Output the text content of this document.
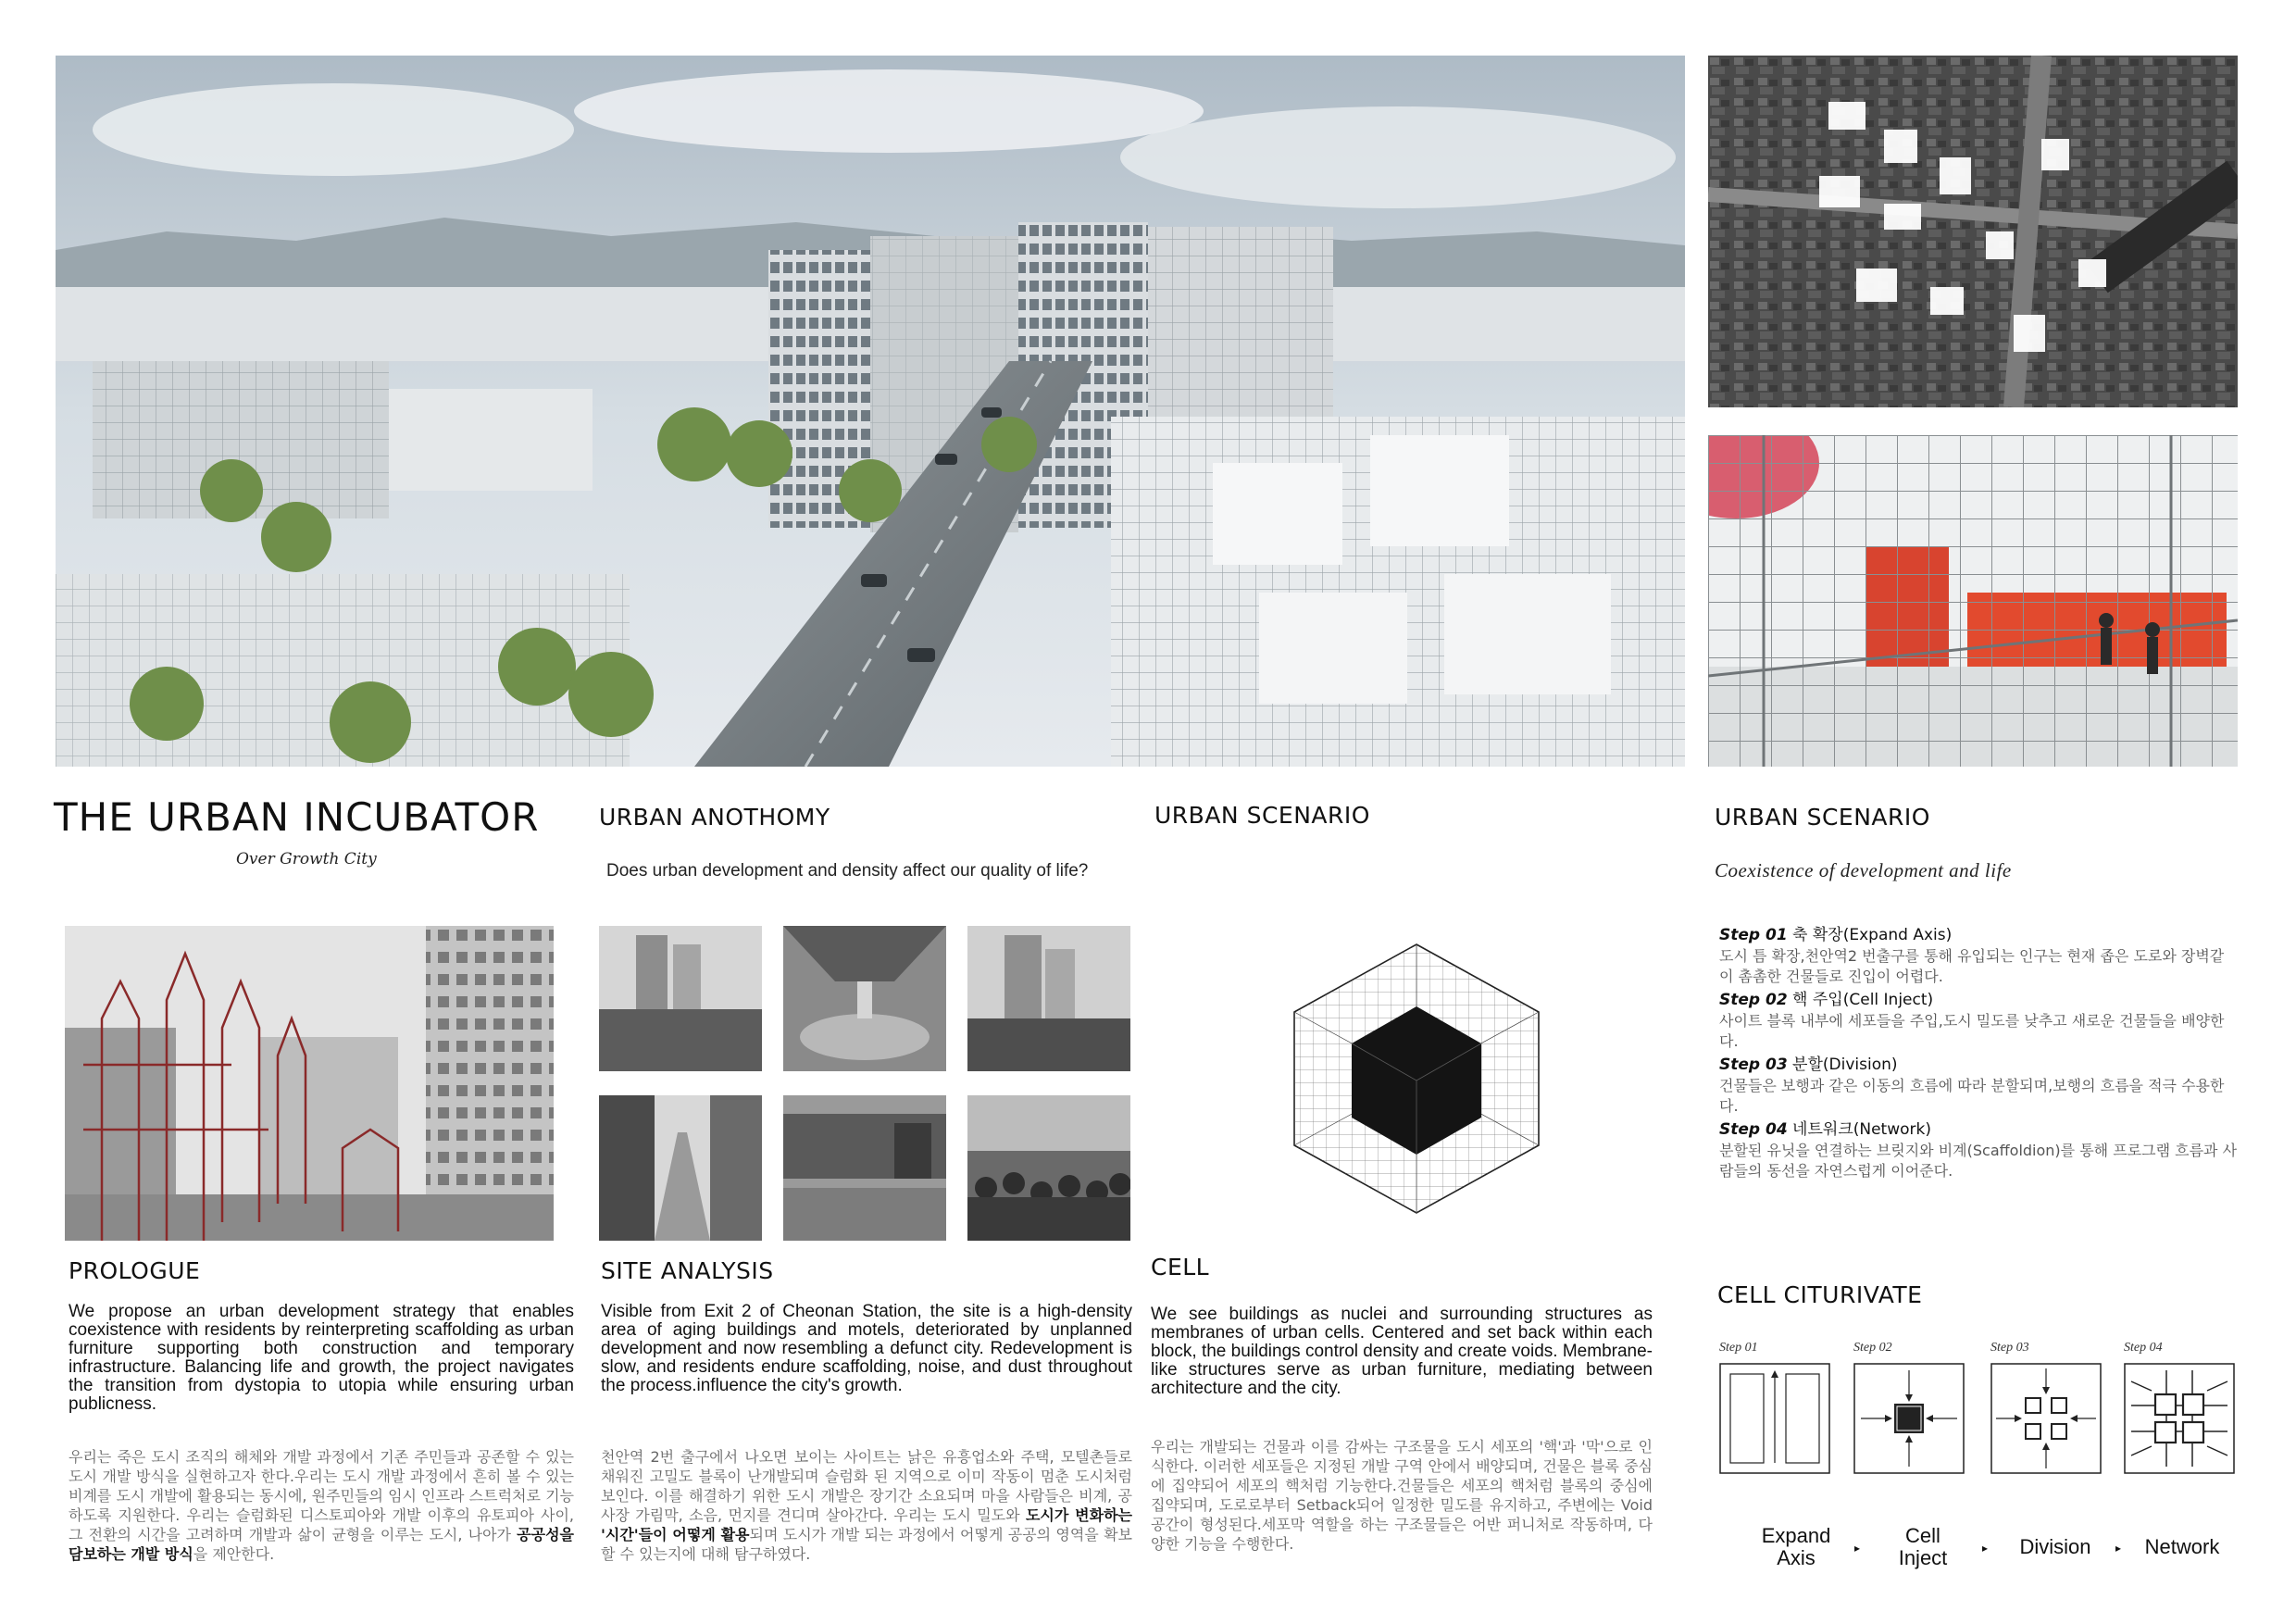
THE URBAN INCUBATOR
Over Growth City
URBAN ANOTHOMY
Does urban development and density affect our quality of life?
URBAN SCENARIO	URBAN SCENARIO
Coexistence of development and life
Step 01 축 확장(Expand Axis)
도시 틈 확장,천안역2 번출구를 통해 유입되는 인구는 현재 좁은 도로와 장벽같이 촘촘한 건물들로 진입이 어렵다.
Step 02 핵 주입(Cell Inject)
사이트 블록 내부에 세포들을 주입,도시 밀도를 낮추고 새로운 건물들을 배양한다.
Step 03 분할(Division)
건물들은 보행과 같은 이동의 흐름에 따라 분할되며,보행의 흐름을 적극 수용한다.
Step 04 네트워크(Network)
분할된 유닛을 연결하는 브릿지와 비계(Scaffoldion)를 통해 프로그램 흐름과 사람들의 동선을 자연스럽게 이어준다.
PROLOGUE	SITE ANALYSIS	CELL
CELL CITURIVATE
We propose an urban development strategy that enables coexistence with residents by reinterpreting scaffolding as urban furniture supporting both construction and temporary infrastructure. Balancing life and growth, the project navigates the transition from dystopia to utopia while ensuring urban publicness.
우리는 죽은 도시 조직의 해체와 개발 과정에서 기존 주민들과 공존할 수 있는 도시 개발 방식을 실현하고자 한다.우리는 도시 개발 과정에서 흔히 볼 수 있는 비계를 도시 개발에 활용되는 동시에, 원주민들의 임시 인프라 스트럭처로 기능하도록 지원한다. 우리는 슬럼화된 디스토피아와 개발 이후의 유토피아 사이, 그 전환의 시간을 고려하며 개발과 삶이 균형을 이루는 도시, 나아가 공공성을 담보하는 개발 방식을 제안한다.
Visible from Exit 2 of Cheonan Station, the site is a high-density area of aging buildings and motels, deteriorated by unplanned development and now resembling a defunct city. Redevelopment is slow, and residents endure scaffolding, noise, and dust throughout the process.influence the city's growth.
천안역 2번 출구에서 나오면 보이는 사이트는 낡은 유흥업소와 주택, 모텔촌들로 채워진 고밀도 블록이 난개발되며 슬럼화 된 지역으로 이미 작동이 멈춘 도시처럼 보인다. 이를 해결하기 위한 도시 개발은 장기간 소요되며 마을 사람들은 비계, 공사장 가림막, 소음, 먼지를 견디며 살아간다. 우리는 도시 밀도와 도시가 변화하는 '시간'들이 어떻게 활용되며 도시가 개발 되는 과정에서 어떻게 공공의 영역을 확보할 수 있는지에 대해 탐구하였다.
We see buildings as nuclei and surrounding structures as membranes of urban cells. Centered and set back within each block, the buildings control density and create voids. Membrane-like structures serve as urban furniture, mediating between architecture and the city.
우리는 개발되는 건물과 이를 감싸는 구조물을 도시 세포의 '핵'과 '막'으로 인식한다. 이러한 세포들은 지정된 개발 구역 안에서 배양되며, 건물은 블록 중심에 집약되어 세포의 핵처럼 기능한다.건물들은 세포의 핵처럼 블록의 중심에 집약되며, 도로로부터 Setback되어 일정한 밀도를 유지하고, 주변에는 Void 공간이 형성된다.세포막 역할을 하는 구조물들은 어반 퍼니처로 작동하며, 다양한 기능을 수행한다.
Step 01	Step 02	Step 03	Step 04
Expand
Axis	▸
Cell
Inject	▸	Division	▸	Network
